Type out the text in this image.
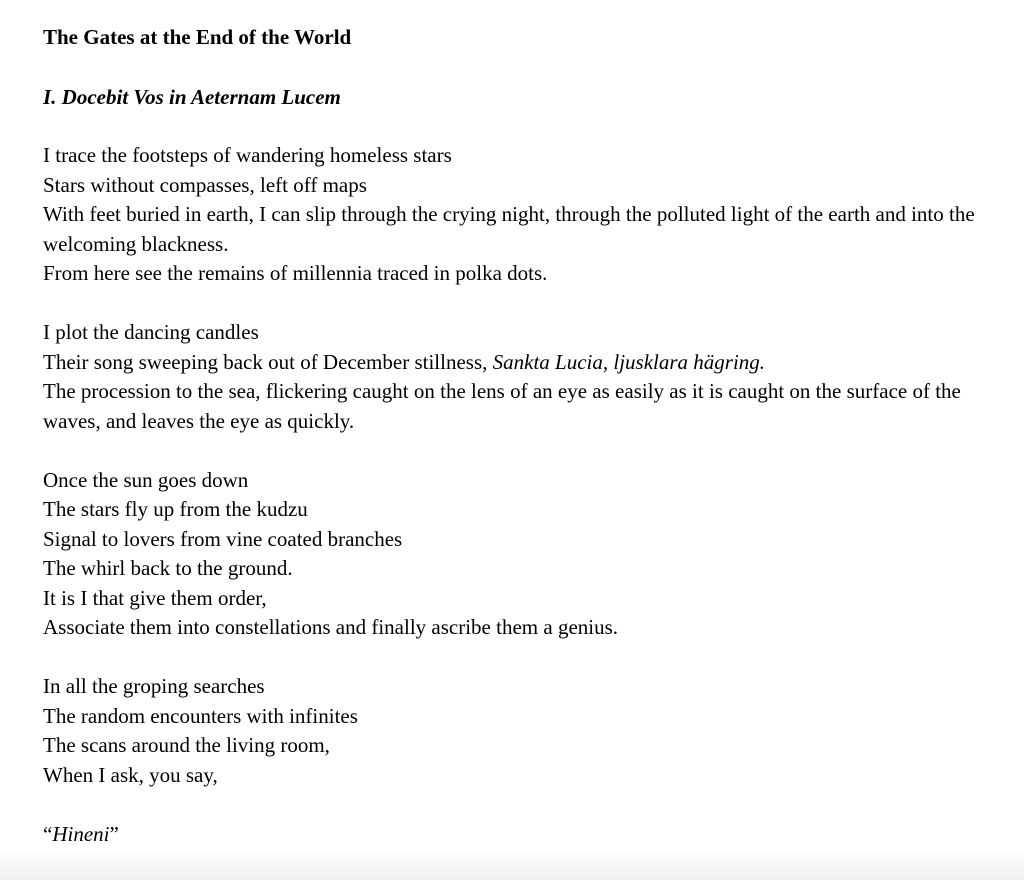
The Gates at the End of the World
I. Docebit Vos in Aeternam Lucem
I trace the footsteps of wandering homeless stars
Stars without compasses, left off maps
With feet buried in earth, I can slip through the crying night, through the polluted light of the earth and into the welcoming blackness.
From here see the remains of millennia traced in polka dots.
I plot the dancing candles
Their song sweeping back out of December stillness, Sankta Lucia, ljusklara hägring.
The procession to the sea, flickering caught on the lens of an eye as easily as it is caught on the surface of the waves, and leaves the eye as quickly.
Once the sun goes down
The stars fly up from the kudzu
Signal to lovers from vine coated branches
The whirl back to the ground.
It is I that give them order,
Associate them into constellations and finally ascribe them a genius.
In all the groping searches
The random encounters with infinites
The scans around the living room,
When I ask, you say,
“Hineni”
